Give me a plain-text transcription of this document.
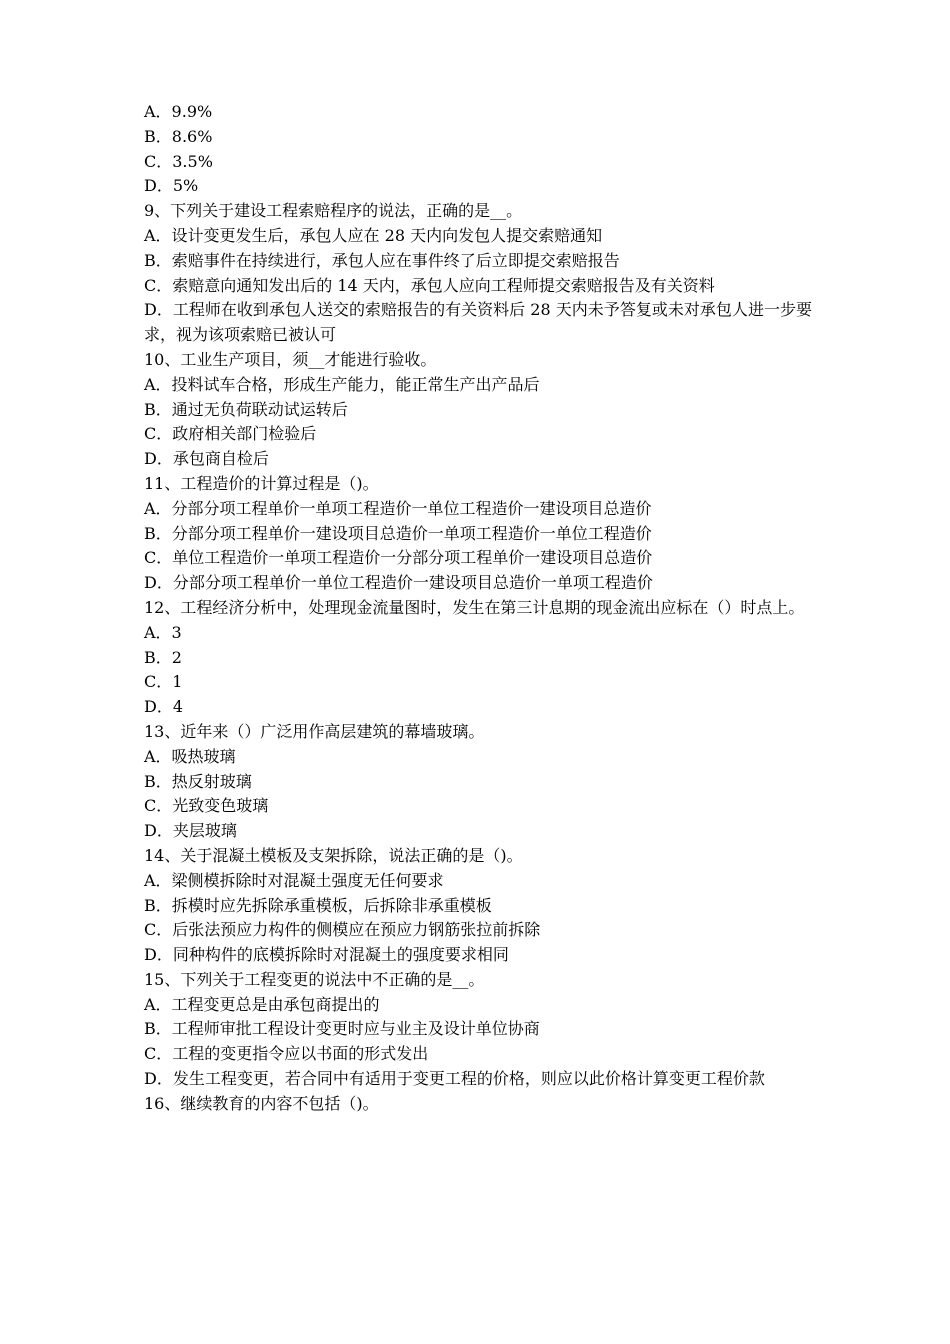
A．9.9%
B．8.6%
C．3.5%
D．5%
9、下列关于建设工程索赔程序的说法，正确的是__。
A．设计变更发生后，承包人应在 28 天内向发包人提交索赔通知
B．索赔事件在持续进行，承包人应在事件终了后立即提交索赔报告
C．索赔意向通知发出后的 14 天内，承包人应向工程师提交索赔报告及有关资料
D．工程师在收到承包人送交的索赔报告的有关资料后 28 天内未予答复或未对承包人进一步要求，视为该项索赔已被认可
10、工业生产项目，须__才能进行验收。
A．投料试车合格，形成生产能力，能正常生产出产品后
B．通过无负荷联动试运转后
C．政府相关部门检验后
D．承包商自检后
11、工程造价的计算过程是（)。
A．分部分项工程单价一单项工程造价一单位工程造价一建设项目总造价
B．分部分项工程单价一建设项目总造价一单项工程造价一单位工程造价
C．单位工程造价一单项工程造价一分部分项工程单价一建设项目总造价
D．分部分项工程单价一单位工程造价一建设项目总造价一单项工程造价
12、工程经济分析中，处理现金流量图时，发生在第三计息期的现金流出应标在（）时点上。
A．3
B．2
C．1
D．4
13、近年来（）广泛用作高层建筑的幕墙玻璃。
A．吸热玻璃
B．热反射玻璃
C．光致变色玻璃
D．夹层玻璃
14、关于混凝土模板及支架拆除，说法正确的是（)。
A．梁侧模拆除时对混凝土强度无任何要求
B．拆模时应先拆除承重模板，后拆除非承重模板
C．后张法预应力构件的侧模应在预应力钢筋张拉前拆除
D．同种构件的底模拆除时对混凝土的强度要求相同
15、下列关于工程变更的说法中不正确的是__。
A．工程变更总是由承包商提出的
B．工程师审批工程设计变更时应与业主及设计单位协商
C．工程的变更指令应以书面的形式发出
D．发生工程变更，若合同中有适用于变更工程的价格，则应以此价格计算变更工程价款
16、继续教育的内容不包括（)。
